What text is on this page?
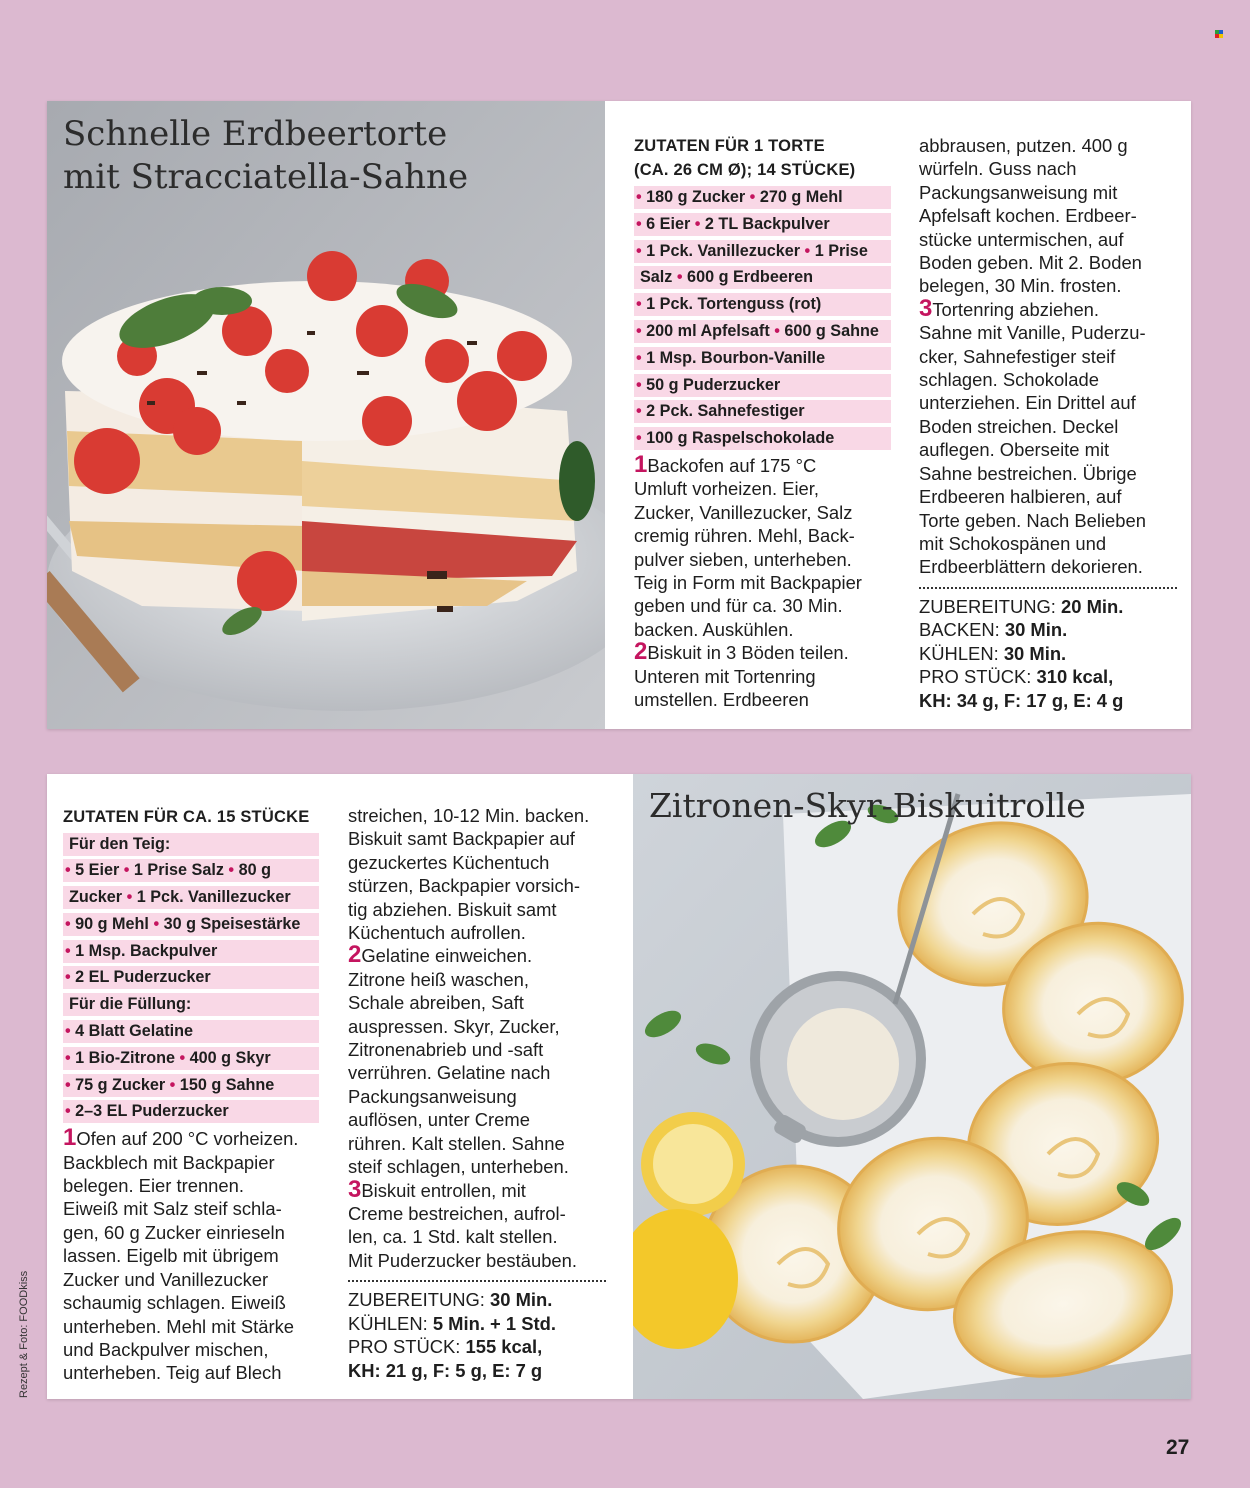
Schnelle Erdbeertorte
mit Stracciatella-Sahne
ZUTATEN FÜR 1 TORTE
(CA. 26 CM Ø); 14 STÜCKE)
• 180 g Zucker • 270 g Mehl
• 6 Eier • 2 TL Backpulver
• 1 Pck. Vanillezucker • 1 Prise
Salz • 600 g Erdbeeren
• 1 Pck. Tortenguss (rot)
• 200 ml Apfelsaft • 600 g Sahne
• 1 Msp. Bourbon-Vanille
• 50 g Puderzucker
• 2 Pck. Sahnefestiger
• 100 g Raspelschokolade
1Backofen auf 175 °C
Umluft vorheizen. Eier,
Zucker, Vanillezucker, Salz
cremig rühren. Mehl, Back-
pulver sieben, unterheben.
Teig in Form mit Backpapier
geben und für ca. 30 Min.
backen. Auskühlen.
2Biskuit in 3 Böden teilen.
Unteren mit Tortenring
umstellen. Erdbeeren
abbrausen, putzen. 400 g
würfeln. Guss nach
Packungsanweisung mit
Apfelsaft kochen. Erdbeer-
stücke untermischen, auf
Boden geben. Mit 2. Boden
belegen, 30 Min. frosten.
3Tortenring abziehen.
Sahne mit Vanille, Puderzu-
cker, Sahnefestiger steif
schlagen. Schokolade
unterziehen. Ein Drittel auf
Boden streichen. Deckel
auflegen. Oberseite mit
Sahne bestreichen. Übrige
Erdbeeren halbieren, auf
Torte geben. Nach Belieben
mit Schokospänen und
Erdbeerblättern dekorieren.
ZUBEREITUNG: 20 Min.
BACKEN: 30 Min.
KÜHLEN: 30 Min.
PRO STÜCK: 310 kcal,
KH: 34 g, F: 17 g, E: 4 g
ZUTATEN FÜR CA. 15 STÜCKE
Für den Teig:
• 5 Eier • 1 Prise Salz • 80 g
Zucker • 1 Pck. Vanillezucker
• 90 g Mehl • 30 g Speisestärke
• 1 Msp. Backpulver
• 2 EL Puderzucker
Für die Füllung:
• 4 Blatt Gelatine
• 1 Bio-Zitrone • 400 g Skyr
• 75 g Zucker • 150 g Sahne
• 2–3 EL Puderzucker
1Ofen auf 200 °C vorheizen.
Backblech mit Backpapier
belegen. Eier trennen.
Eiweiß mit Salz steif schla-
gen, 60 g Zucker einrieseln
lassen. Eigelb mit übrigem
Zucker und Vanillezucker
schaumig schlagen. Eiweiß
unterheben. Mehl mit Stärke
und Backpulver mischen,
unterheben. Teig auf Blech
streichen, 10-12 Min. backen.
Biskuit samt Backpapier auf
gezuckertes Küchentuch
stürzen, Backpapier vorsich-
tig abziehen. Biskuit samt
Küchentuch aufrollen.
2Gelatine einweichen.
Zitrone heiß waschen,
Schale abreiben, Saft
auspressen. Skyr, Zucker,
Zitronenabrieb und -saft
verrühren. Gelatine nach
Packungsanweisung
auflösen, unter Creme
rühren. Kalt stellen. Sahne
steif schlagen, unterheben.
3Biskuit entrollen, mit
Creme bestreichen, aufrol-
len, ca. 1 Std. kalt stellen.
Mit Puderzucker bestäuben.
ZUBEREITUNG: 30 Min.
KÜHLEN: 5 Min. + 1 Std.
PRO STÜCK: 155 kcal,
KH: 21 g, F: 5 g, E: 7 g
Zitronen-Skyr-Biskuitrolle
Rezept & Foto: FOODkiss
27
